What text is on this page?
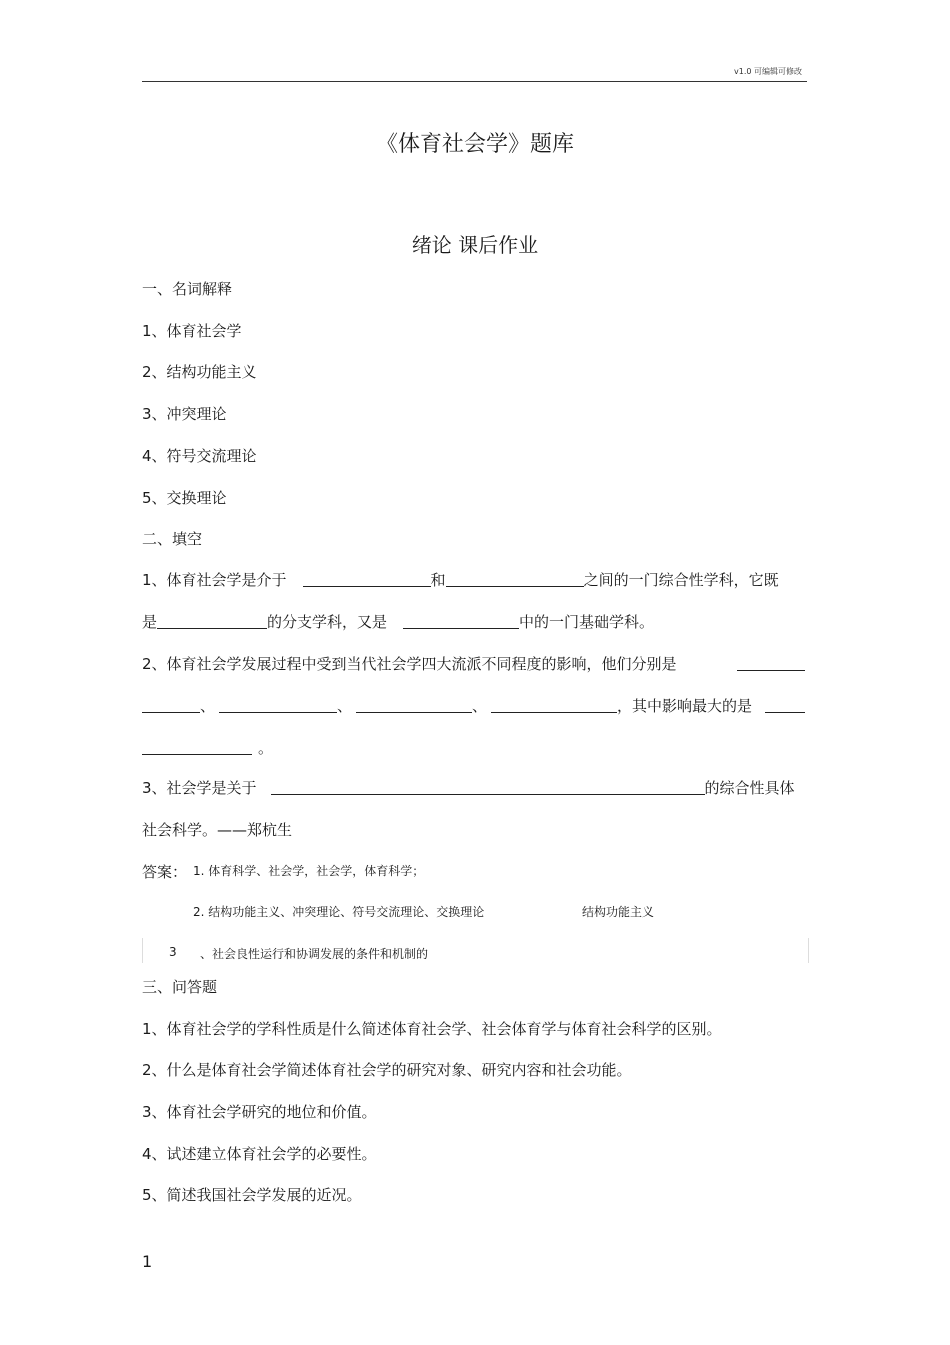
v1.0 可编辑可修改
《体育社会学》题库
绪论 课后作业
一、名词解释
1、体育社会学
2、结构功能主义
3、冲突理论
4、符号交流理论
5、交换理论
二、填空
1、体育社会学是介于	和	之间的一门综合性学科，它既
是	的分支学科，又是	中的一门基础学科。
2、体育社会学发展过程中受到当代社会学四大流派不同程度的影响，他们分别是
、	、	、	，其中影响最大的是
。
3、社会学是关于	的综合性具体
社会科学。——郑杭生
答案： 1. 体育科学、社会学，社会学，体育科学；
2. 结构功能主义、冲突理论、符号交流理论、交换理论	结构功能主义
3 、社会良性运行和协调发展的条件和机制的
三、问答题
1、体育社会学的学科性质是什么简述体育社会学、社会体育学与体育社会科学的区别。
2、什么是体育社会学简述体育社会学的研究对象、研究内容和社会功能。
3、体育社会学研究的地位和价值。
4、试述建立体育社会学的必要性。
5、简述我国社会学发展的近况。
1
